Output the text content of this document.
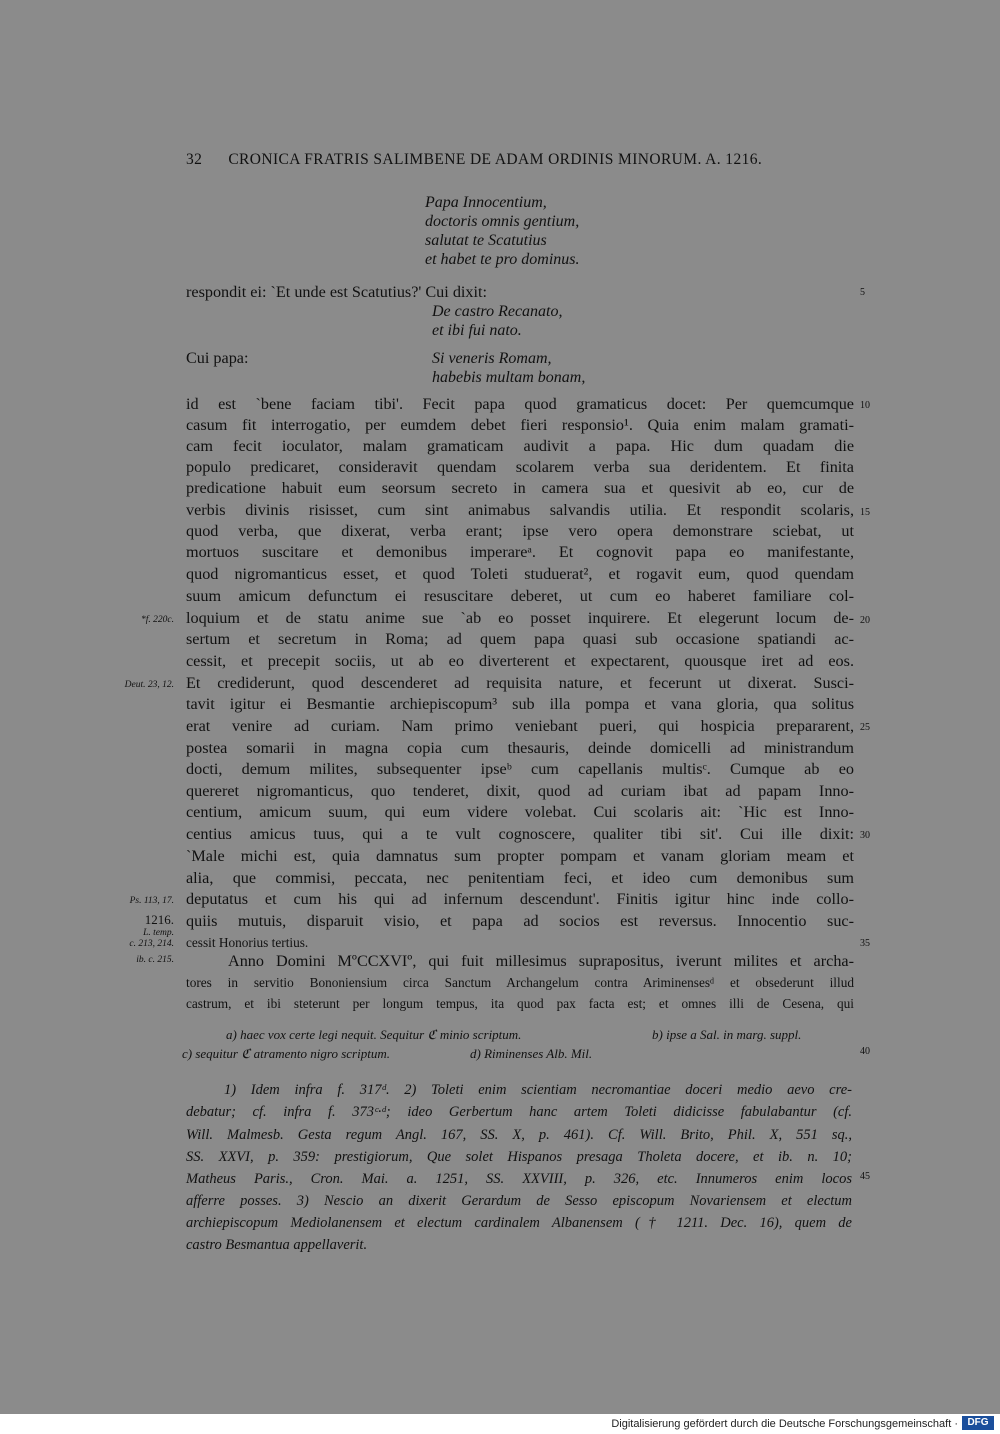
32 CRONICA FRATRIS SALIMBENE DE ADAM ORDINIS MINORUM. A. 1216.
Papa Innocentium,
doctoris omnis gentium,
salutat te Scatutius
et habet te pro dominus.
respondit ei: `Et unde est Scatutius?' Cui dixit:
De castro Recanato,
et ibi fui nato.
Cui papa:	Si veneris Romam,
habebis multam bonam,
id est `bene faciam tibi'. Fecit papa quod gramaticus docet: Per quemcumque
casum fit interrogatio, per eumdem debet fieri responsio¹. Quia enim malam gramati-
cam fecit ioculator, malam gramaticam audivit a papa. Hic dum quadam die
populo predicaret, consideravit quendam scolarem verba sua deridentem. Et finita
predicatione habuit eum seorsum secreto in camera sua et quesivit ab eo, cur de
verbis divinis risisset, cum sint animabus salvandis utilia. Et respondit scolaris,
quod verba, que dixerat, verba erant; ipse vero opera demonstrare sciebat, ut
mortuos suscitare et demonibus imperareᵃ. Et cognovit papa eo manifestante,
quod nigromanticus esset, et quod Toleti studuerat², et rogavit eum, quod quendam
suum amicum defunctum ei resuscitare deberet, ut cum eo haberet familiare col-
loquium et de statu anime sue `ab eo posset inquirere. Et elegerunt locum de-
sertum et secretum in Roma; ad quem papa quasi sub occasione spatiandi ac-
cessit, et precepit sociis, ut ab eo diverterent et expectarent, quousque iret ad eos.
Et crediderunt, quod descenderet ad requisita nature, et fecerunt ut dixerat. Susci-
tavit igitur ei Besmantie archiepiscopum³ sub illa pompa et vana gloria, qua solitus
erat venire ad curiam. Nam primo veniebant pueri, qui hospicia prepararent,
postea somarii in magna copia cum thesauris, deinde domicelli ad ministrandum
docti, demum milites, subsequenter ipseᵇ cum capellanis multisᶜ. Cumque ab eo
quereret nigromanticus, quo tenderet, dixit, quod ad curiam ibat ad papam Inno-
centium, amicum suum, qui eum videre volebat. Cui scolaris ait: `Hic est Inno-
centius amicus tuus, qui a te vult cognoscere, qualiter tibi sit'. Cui ille dixit:
`Male michi est, quia damnatus sum propter pompam et vanam gloriam meam et
alia, que commisi, peccata, nec penitentiam feci, et ideo cum demonibus sum
deputatus et cum his qui ad infernum descendunt'. Finitis igitur hinc inde collo-
quiis mutuis, disparuit visio, et papa ad socios est reversus. Innocentio suc-
cessit Honorius tertius.
Anno Domini MºCCXVIº, qui fuit millesimus suprapositus, iverunt milites et archa-
tores in servitio Bononiensium circa Sanctum Archangelum contra Ariminensesᵈ et obsederunt illud
castrum, et ibi steterunt per longum tempus, ita quod pax facta est; et omnes illi de Cesena, qui
5
10
15
20
25
30
35
40
45
*f. 220c.
Deut. 23, 12.
Ps. 113, 17.
1216.
L. temp.
c. 213, 214.
ib. c. 215.
a) haec vox certe legi nequit. Sequitur ℭ minio scriptum.	b) ipse a Sal. in marg. suppl.
c) sequitur ℭ atramento nigro scriptum.	d) Riminenses Alb. Mil.
1) Idem infra f. 317ᵈ. 2) Toleti enim scientiam necromantiae doceri medio aevo cre-
debatur; cf. infra f. 373ᶜ·ᵈ; ideo Gerbertum hanc artem Toleti didicisse fabulabantur (cf.
Will. Malmesb. Gesta regum Angl. 167, SS. X, p. 461). Cf. Will. Brito, Phil. X, 551 sq.,
SS. XXVI, p. 359: prestigiorum, Que solet Hispanos presaga Tholeta docere, et ib. n. 10;
Matheus Paris., Cron. Mai. a. 1251, SS. XXVIII, p. 326, etc. Innumeros enim locos
afferre posses. 3) Nescio an dixerit Gerardum de Sesso episcopum Novariensem et electum
archiepiscopum Mediolanensem et electum cardinalem Albanensem († 1211. Dec. 16), quem de
castro Besmantua appellaverit.
Digitalisierung gefördert durch die Deutsche Forschungsgemeinschaft · DFG
